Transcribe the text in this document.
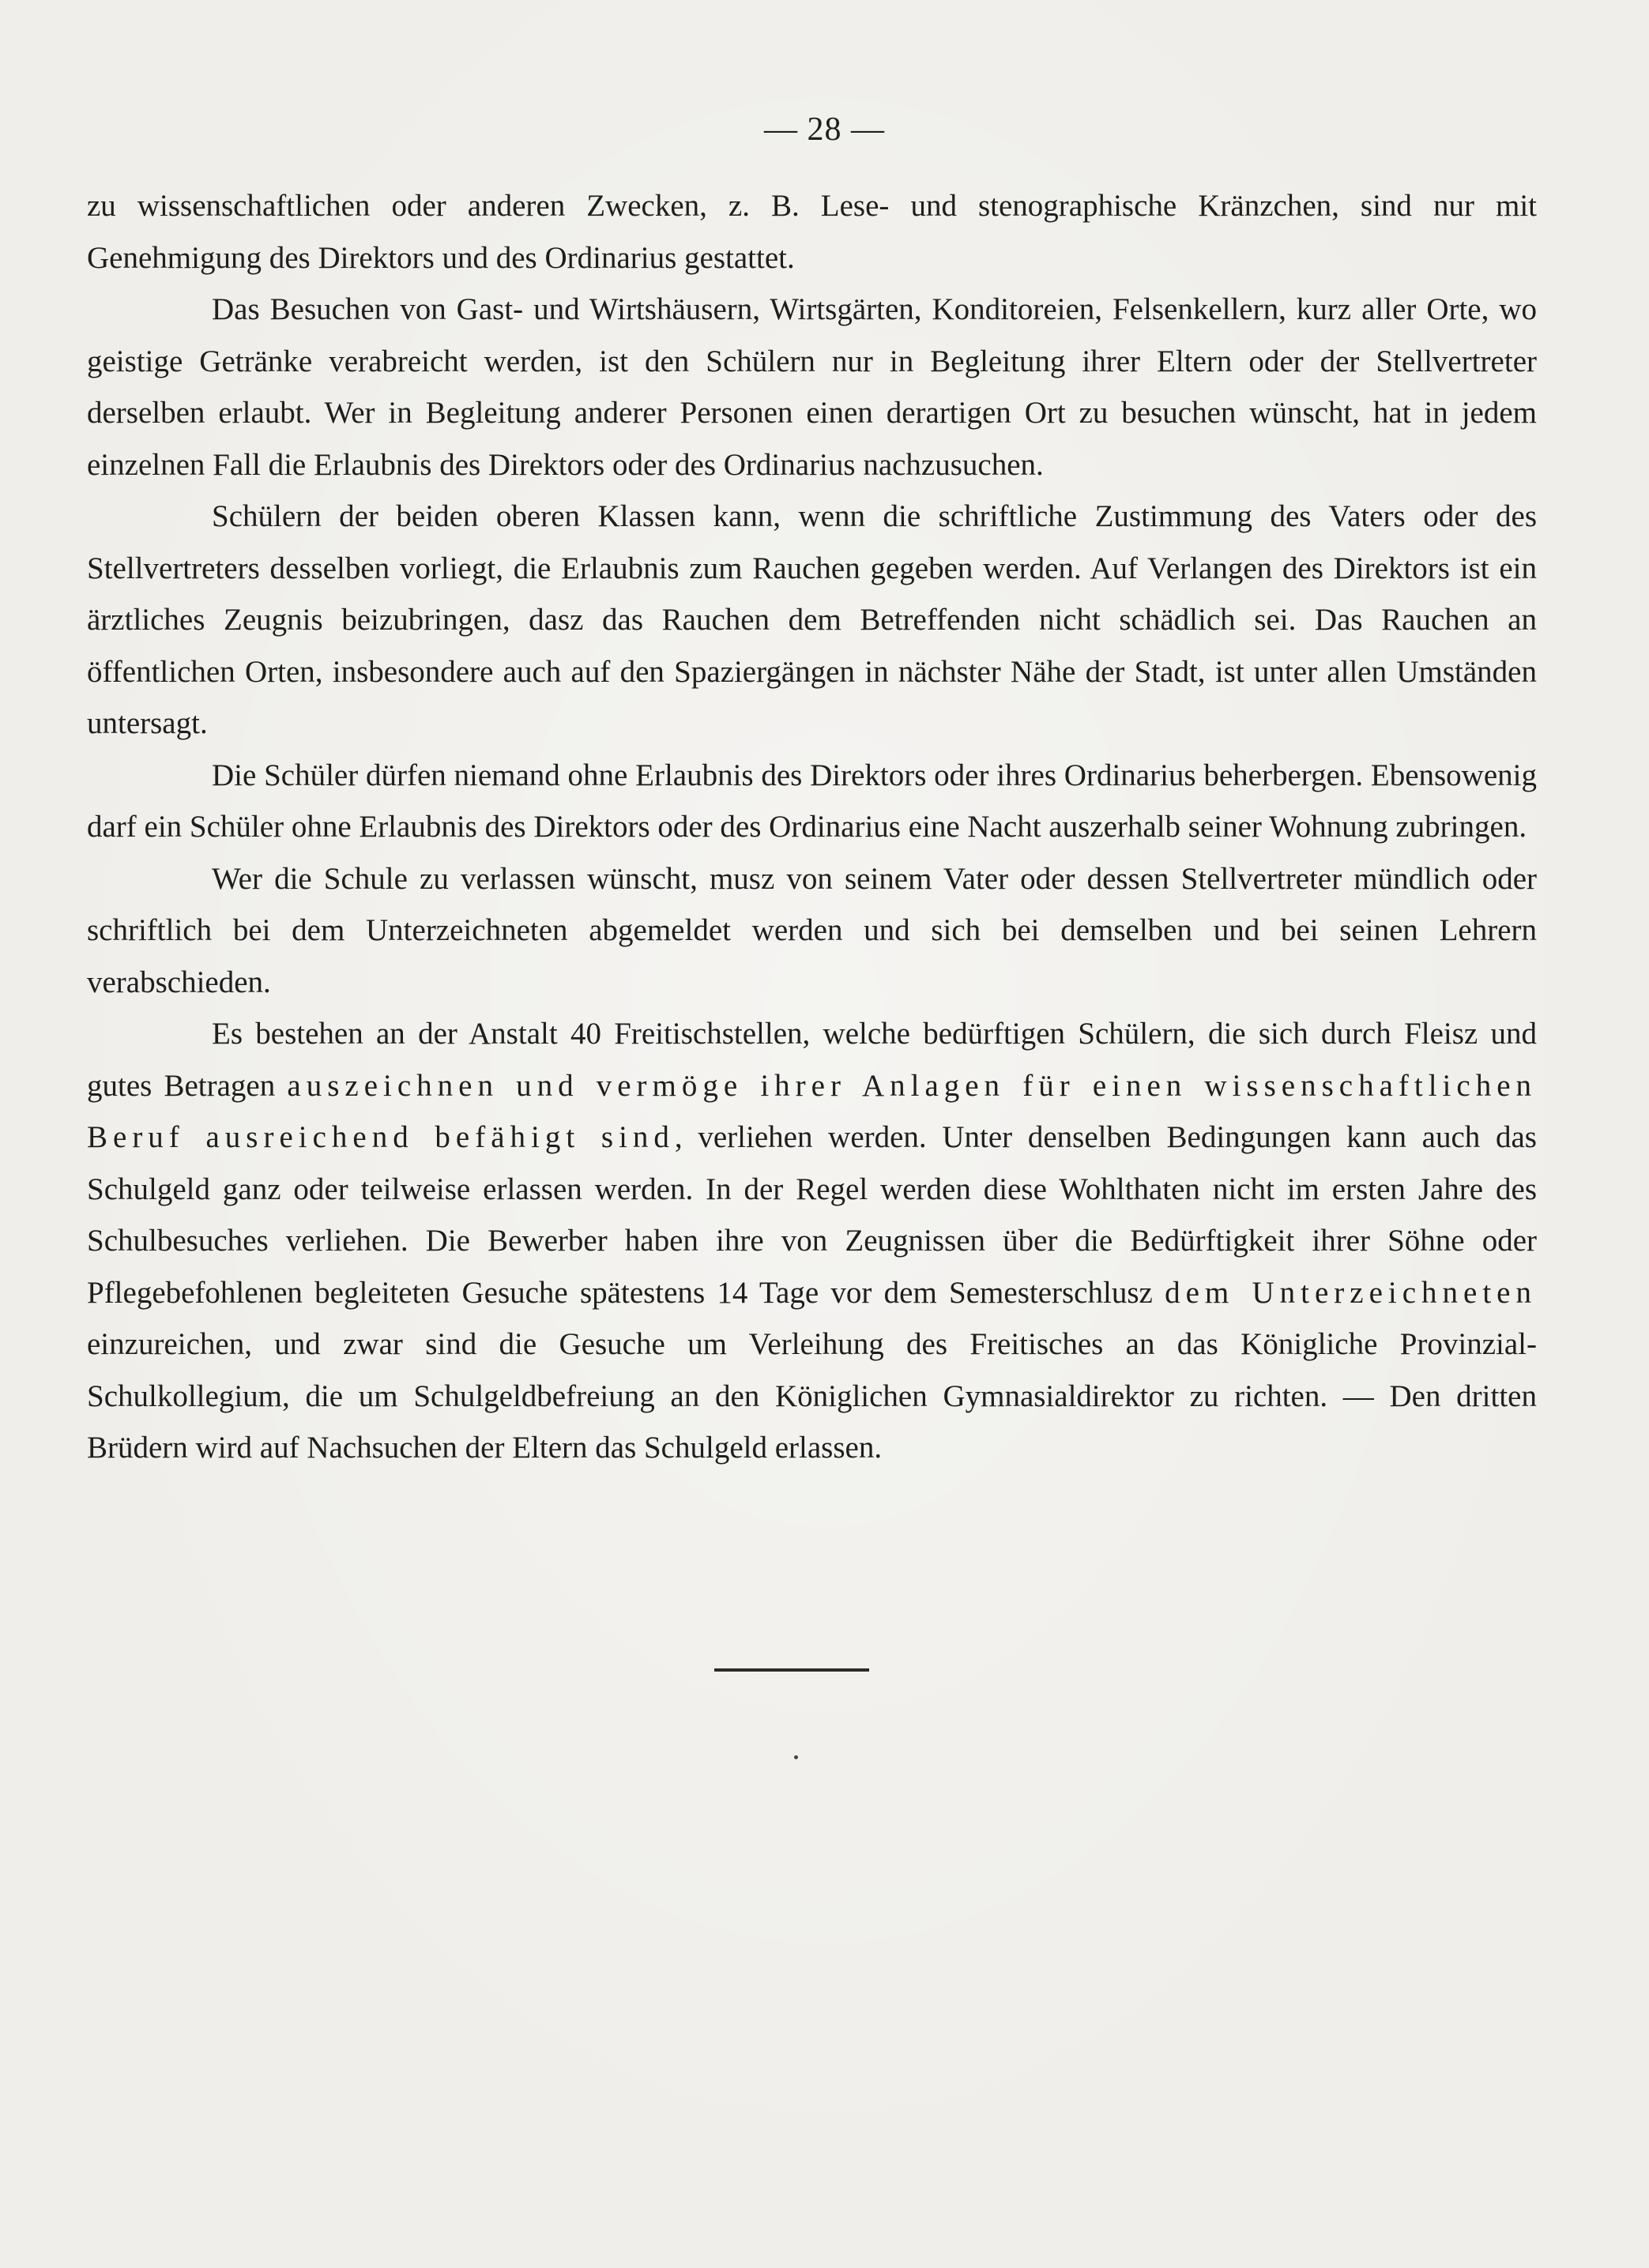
— 28 —

zu wissenschaftlichen oder anderen Zwecken, z. B. Lese- und stenographische Kränzchen, sind nur mit Genehmigung des Direktors und des Ordinarius gestattet.

Das Besuchen von Gast- und Wirtshäusern, Wirtsgärten, Konditoreien, Felsenkellern, kurz aller Orte, wo geistige Getränke verabreicht werden, ist den Schülern nur in Begleitung ihrer Eltern oder der Stellvertreter derselben erlaubt. Wer in Begleitung anderer Personen einen derartigen Ort zu besuchen wünscht, hat in jedem einzelnen Fall die Erlaubnis des Direktors oder des Ordinarius nachzusuchen.

Schülern der beiden oberen Klassen kann, wenn die schriftliche Zustimmung des Vaters oder des Stellvertreters desselben vorliegt, die Erlaubnis zum Rauchen gegeben werden. Auf Verlangen des Direktors ist ein ärztliches Zeugnis beizubringen, dasz das Rauchen dem Betreffenden nicht schädlich sei. Das Rauchen an öffentlichen Orten, insbesondere auch auf den Spaziergängen in nächster Nähe der Stadt, ist unter allen Umständen untersagt.

Die Schüler dürfen niemand ohne Erlaubnis des Direktors oder ihres Ordinarius beherbergen. Ebensowenig darf ein Schüler ohne Erlaubnis des Direktors oder des Ordinarius eine Nacht auszerhalb seiner Wohnung zubringen.

Wer die Schule zu verlassen wünscht, musz von seinem Vater oder dessen Stellvertreter mündlich oder schriftlich bei dem Unterzeichneten abgemeldet werden und sich bei demselben und bei seinen Lehrern verabschieden.

Es bestehen an der Anstalt 40 Freitischstellen, welche bedürftigen Schülern, die sich durch Fleisz und gutes Betragen auszeichnen und vermöge ihrer Anlagen für einen wissenschaftlichen Beruf ausreichend befähigt sind, verliehen werden. Unter denselben Bedingungen kann auch das Schulgeld ganz oder teilweise erlassen werden. In der Regel werden diese Wohlthaten nicht im ersten Jahre des Schulbesuches verliehen. Die Bewerber haben ihre von Zeugnissen über die Bedürftigkeit ihrer Söhne oder Pflegebefohlenen begleiteten Gesuche spätestens 14 Tage vor dem Semesterschlusz dem Unterzeichneten einzureichen, und zwar sind die Gesuche um Verleihung des Freitisches an das Königliche Provinzial-Schulkollegium, die um Schulgeldbefreiung an den Königlichen Gymnasialdirektor zu richten. — Den dritten Brüdern wird auf Nachsuchen der Eltern das Schulgeld erlassen.
